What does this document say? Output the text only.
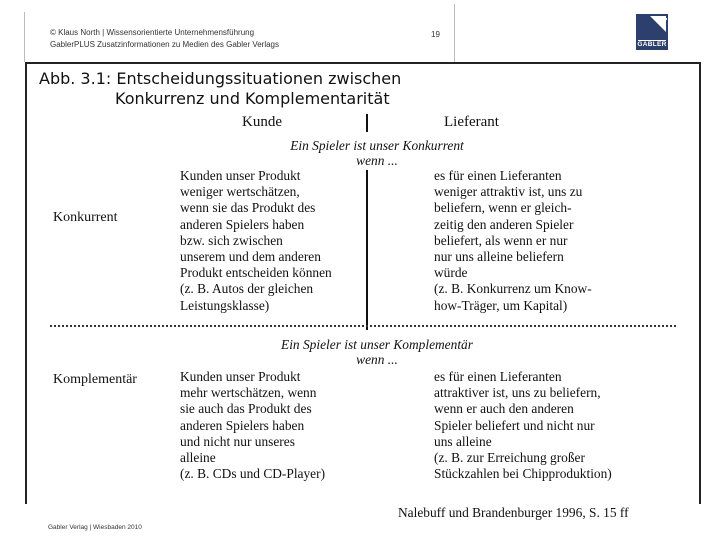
© Klaus North | Wissensorientierte Unternehmensführung
GablerPLUS Zusatzinformationen zu Medien des Gabler Verlags
19
GABLER
Abb. 3.1: Entscheidungssituationen zwischen
Konkurrenz und Komplementarität
Kunde	Lieferant
Ein Spieler ist unser Konkurrent
wenn ...
Konkurrent
Kunden unser Produkt
weniger wertschätzen,
wenn sie das Produkt des
anderen Spielers haben
bzw. sich zwischen
unserem und dem anderen
Produkt entscheiden können
(z. B. Autos der gleichen
Leistungsklasse)
es für einen Lieferanten
weniger attraktiv ist, uns zu
beliefern, wenn er gleich-
zeitig den anderen Spieler
beliefert, als wenn er nur
nur uns alleine beliefern
würde
(z. B. Konkurrenz um Know-
how-Träger, um Kapital)
Ein Spieler ist unser Komplementär
wenn ...
Komplementär	Kunden unser Produkt
mehr wertschätzen, wenn
sie auch das Produkt des
anderen Spielers haben
und nicht nur unseres
alleine
(z. B. CDs und CD-Player)
es für einen Lieferanten
attraktiver ist, uns zu beliefern,
wenn er auch den anderen
Spieler beliefert und nicht nur
uns alleine
(z. B. zur Erreichung großer
Stückzahlen bei Chipproduktion)
Nalebuff und Brandenburger 1996, S. 15 ff
Gabler Verlag | Wiesbaden 2010
